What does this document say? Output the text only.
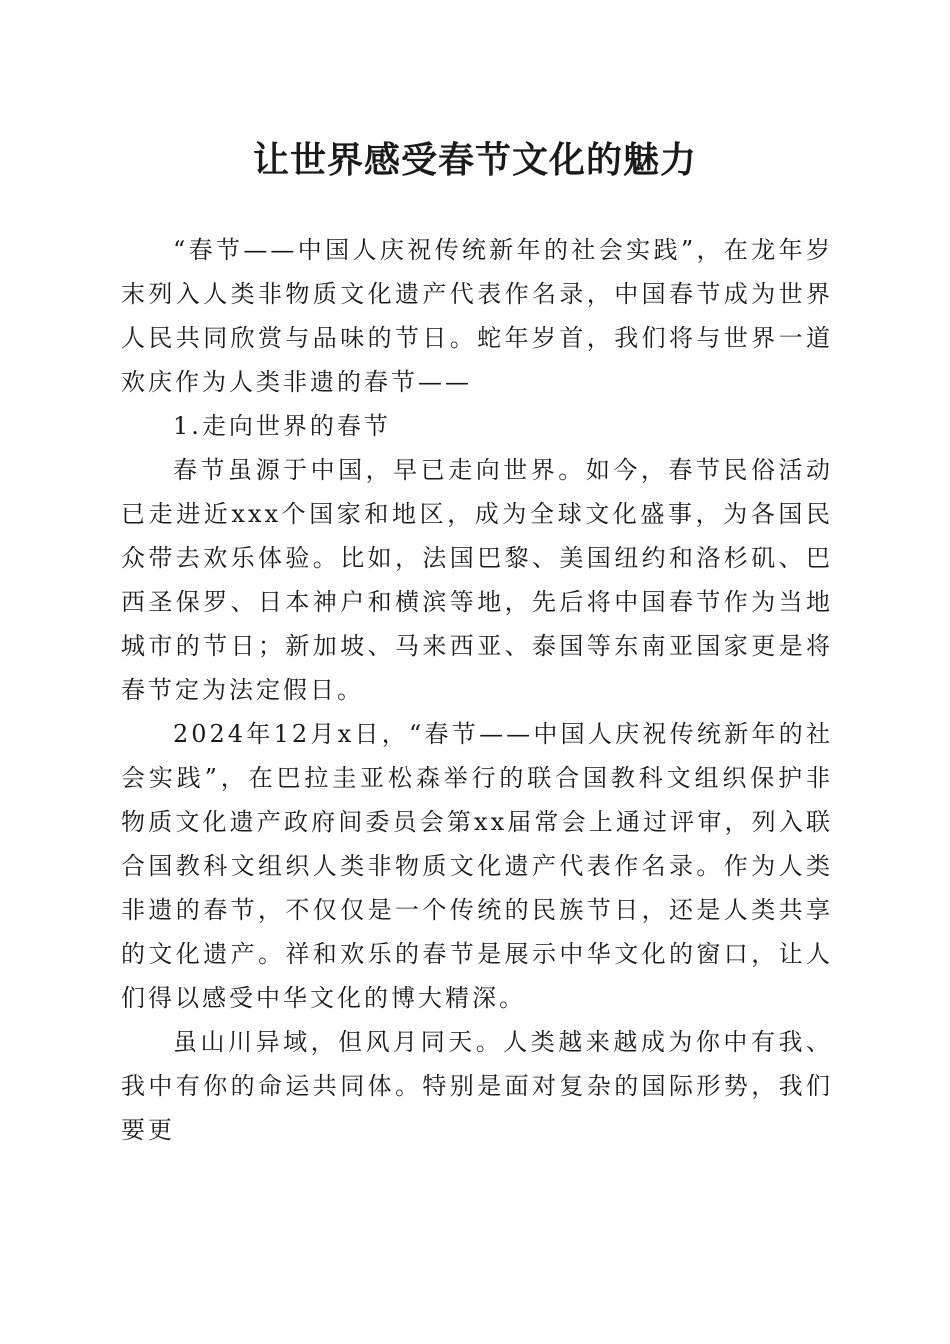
让世界感受春节文化的魅力

“春节——中国人庆祝传统新年的社会实践”，在龙年岁末列入人类非物质文化遗产代表作名录，中国春节成为世界人民共同欣赏与品味的节日。蛇年岁首，我们将与世界一道欢庆作为人类非遗的春节——

1.走向世界的春节

春节虽源于中国，早已走向世界。如今，春节民俗活动已走进近xxx个国家和地区，成为全球文化盛事，为各国民众带去欢乐体验。比如，法国巴黎、美国纽约和洛杉矶、巴西圣保罗、日本神户和横滨等地，先后将中国春节作为当地城市的节日；新加坡、马来西亚、泰国等东南亚国家更是将春节定为法定假日。

2024年12月x日，“春节——中国人庆祝传统新年的社会实践”，在巴拉圭亚松森举行的联合国教科文组织保护非物质文化遗产政府间委员会第xx届常会上通过评审，列入联合国教科文组织人类非物质文化遗产代表作名录。作为人类非遗的春节，不仅仅是一个传统的民族节日，还是人类共享的文化遗产。祥和欢乐的春节是展示中华文化的窗口，让人们得以感受中华文化的博大精深。

虽山川异域，但风月同天。人类越来越成为你中有我、我中有你的命运共同体。特别是面对复杂的国际形势，我们要更
